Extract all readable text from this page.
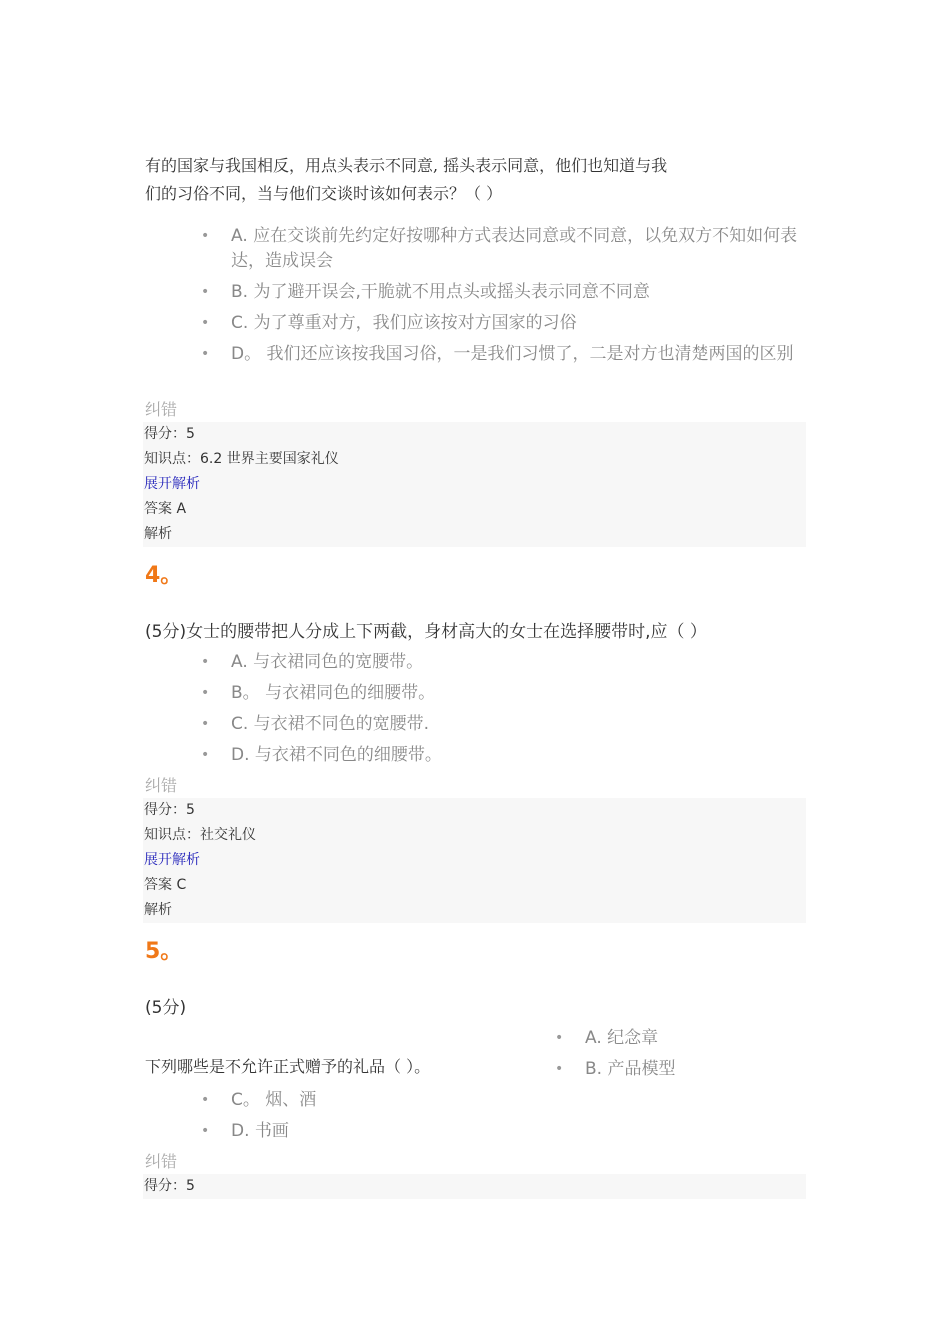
有的国家与我国相反，用点头表示不同意, 摇头表示同意，他们也知道与我
们的习俗不同，当与他们交谈时该如何表示？（ ）
• A. 应在交谈前先约定好按哪种方式表达同意或不同意，以免双方不知如何表达，造成误会
• B. 为了避开误会,干脆就不用点头或摇头表示同意不同意
• C. 为了尊重对方，我们应该按对方国家的习俗
• D。 我们还应该按我国习俗，一是我们习惯了，二是对方也清楚两国的区别
纠错
得分：5
知识点：6.2 世界主要国家礼仪
展开解析
答案 A
解析
4。
(5分)女士的腰带把人分成上下两截，身材高大的女士在选择腰带时,应（ ）
• A. 与衣裙同色的宽腰带。
• B。 与衣裙同色的细腰带。
• C. 与衣裙不同色的宽腰带.
• D. 与衣裙不同色的细腰带。
纠错
得分：5
知识点：社交礼仪
展开解析
答案 C
解析
5。
(5分)
• A. 纪念章
• B. 产品模型
下列哪些是不允许正式赠予的礼品（ ）。
• C。 烟、酒
• D. 书画
纠错
得分：5
